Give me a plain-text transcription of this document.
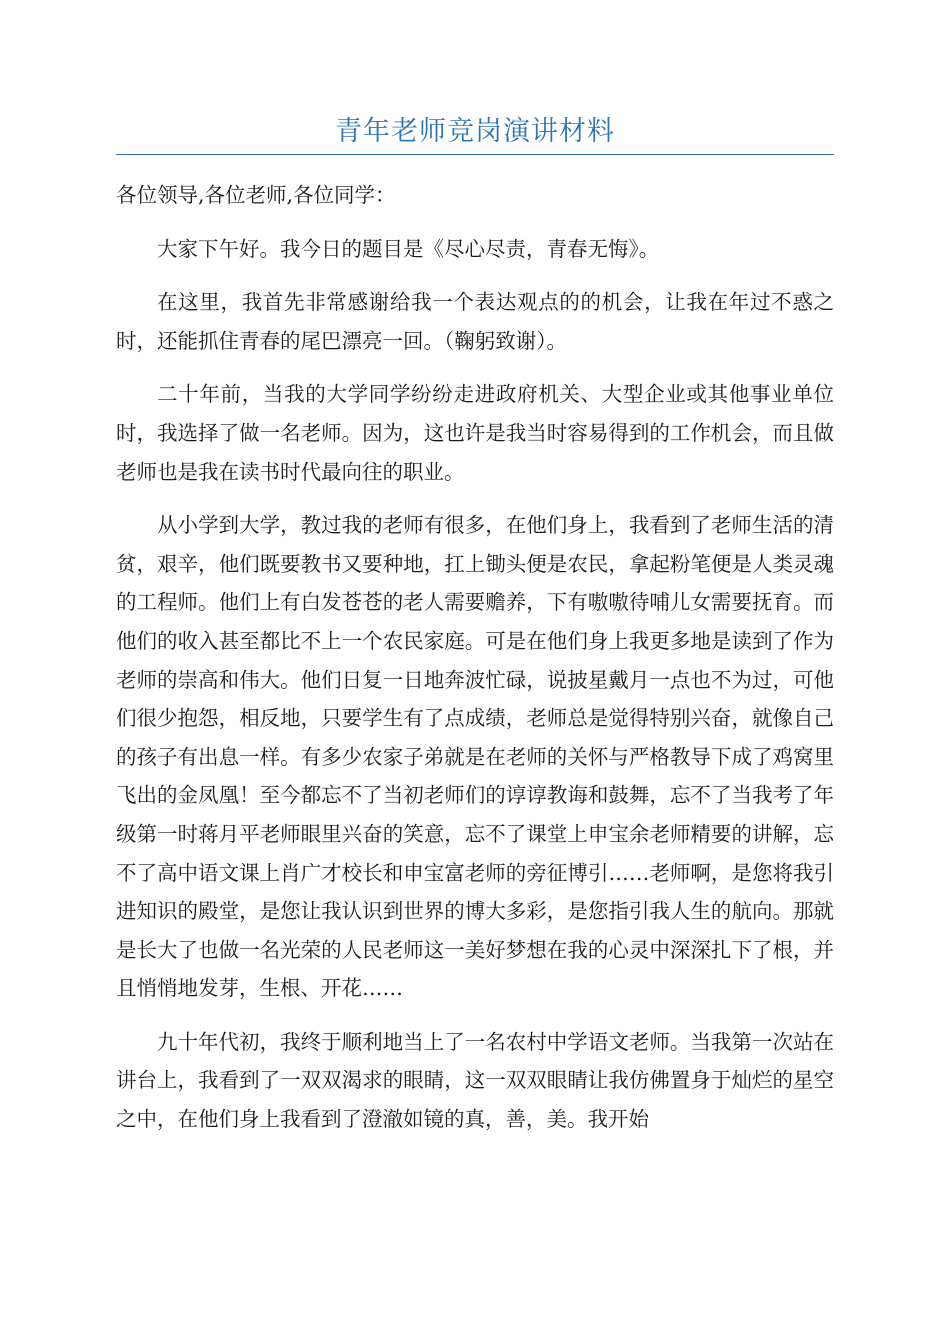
青年老师竞岗演讲材料

各位领导,各位老师,各位同学：

大家下午好。我今日的题目是《尽心尽责，青春无悔》。

在这里，我首先非常感谢给我一个表达观点的的机会，让我在年过不惑之时，还能抓住青春的尾巴漂亮一回。（鞠躬致谢）。

二十年前，当我的大学同学纷纷走进政府机关、大型企业或其他事业单位时，我选择了做一名老师。因为，这也许是我当时容易得到的工作机会，而且做老师也是我在读书时代最向往的职业。

从小学到大学，教过我的老师有很多，在他们身上，我看到了老师生活的清贫，艰辛，他们既要教书又要种地，扛上锄头便是农民，拿起粉笔便是人类灵魂的工程师。他们上有白发苍苍的老人需要赡养，下有嗷嗷待哺儿女需要抚育。而他们的收入甚至都比不上一个农民家庭。可是在他们身上我更多地是读到了作为老师的崇高和伟大。他们日复一日地奔波忙碌，说披星戴月一点也不为过，可他们很少抱怨，相反地，只要学生有了点成绩，老师总是觉得特别兴奋，就像自己的孩子有出息一样。有多少农家子弟就是在老师的关怀与严格教导下成了鸡窝里飞出的金凤凰！至今都忘不了当初老师们的谆谆教诲和鼓舞，忘不了当我考了年级第一时蒋月平老师眼里兴奋的笑意，忘不了课堂上申宝余老师精要的讲解，忘不了高中语文课上肖广才校长和申宝富老师的旁征博引……老师啊，是您将我引进知识的殿堂，是您让我认识到世界的博大多彩，是您指引我人生的航向。那就是长大了也做一名光荣的人民老师这一美好梦想在我的心灵中深深扎下了根，并且悄悄地发芽，生根、开花……

九十年代初，我终于顺利地当上了一名农村中学语文老师。当我第一次站在讲台上，我看到了一双双渴求的眼睛，这一双双眼睛让我仿佛置身于灿烂的星空之中，在他们身上我看到了澄澈如镜的真，善，美。我开始
